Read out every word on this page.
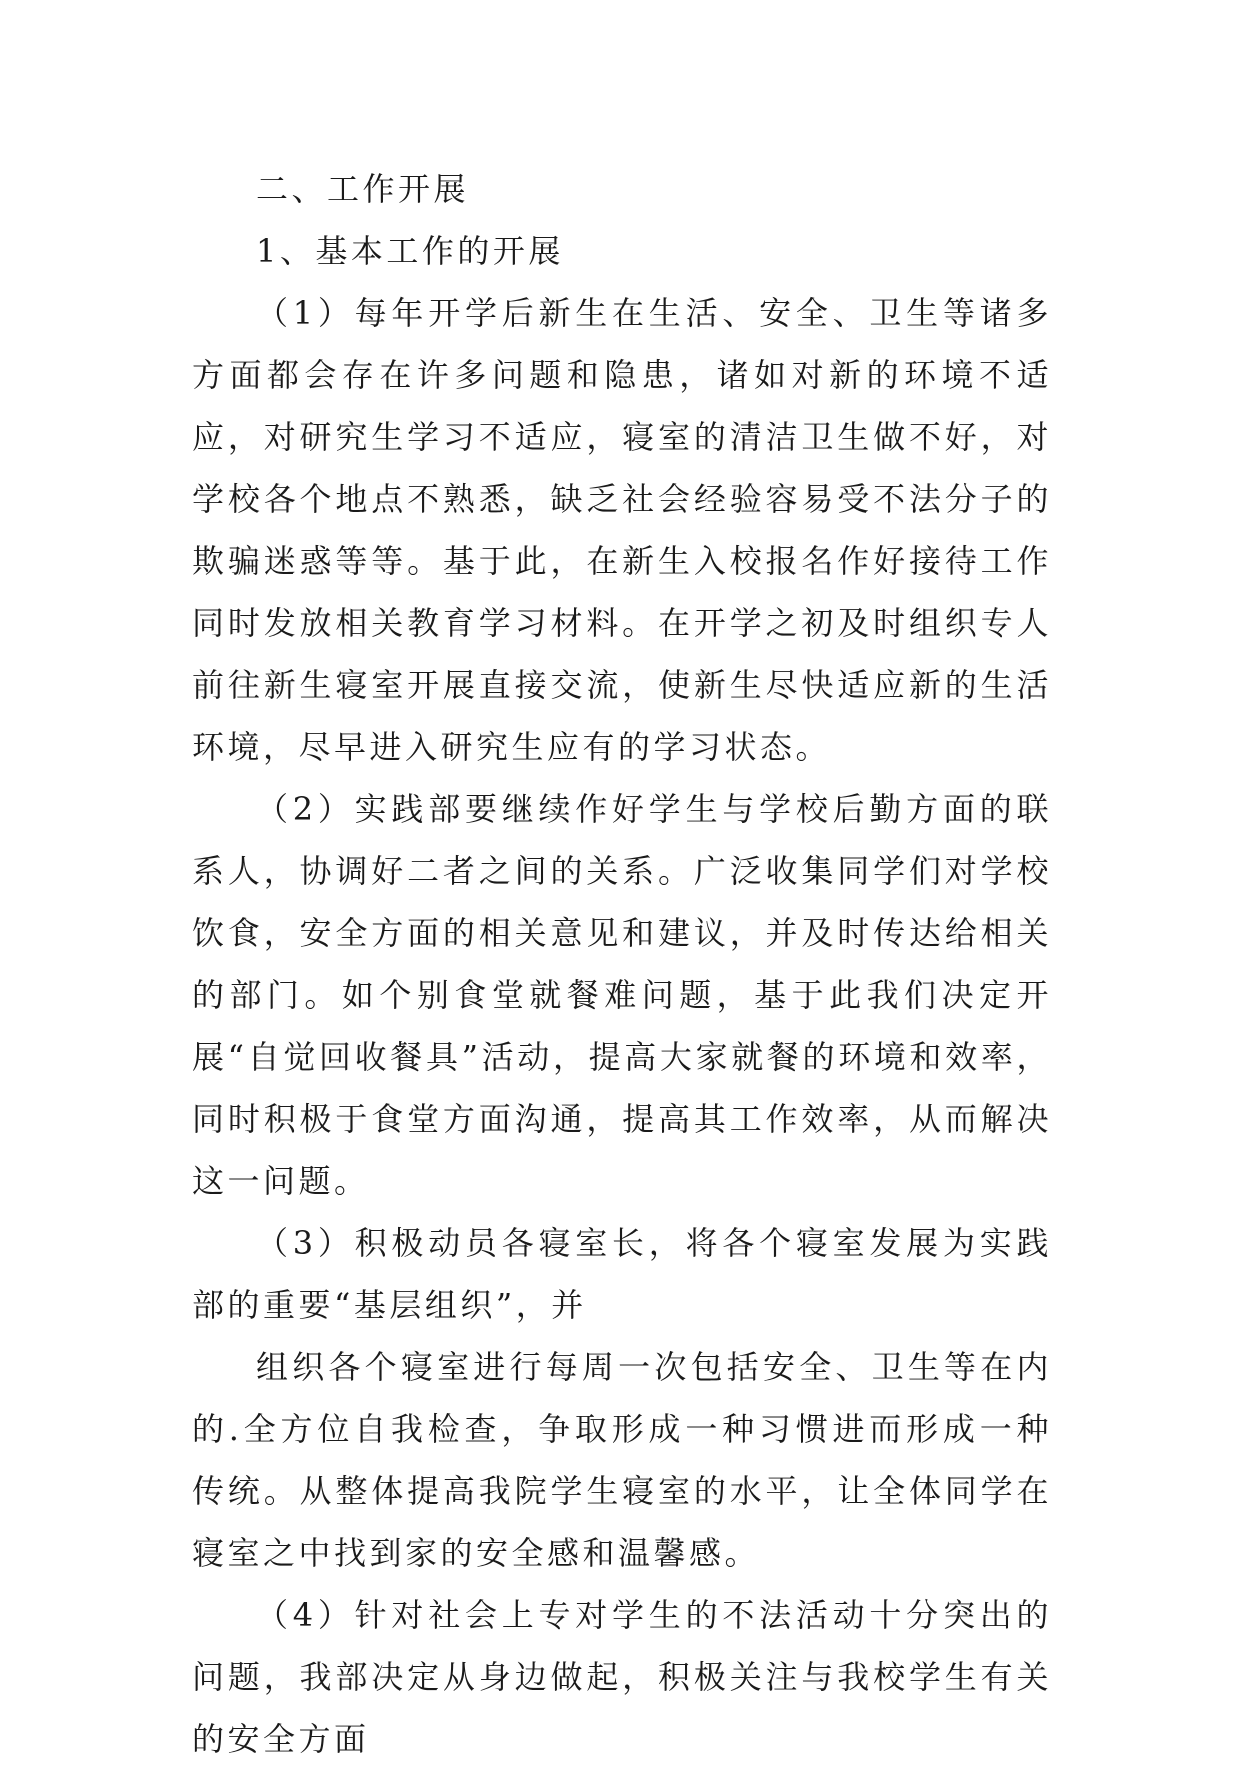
二、工作开展

1、基本工作的开展

（1）每年开学后新生在生活、安全、卫生等诸多方面都会存在许多问题和隐患，诸如对新的环境不适应，对研究生学习不适应，寝室的清洁卫生做不好，对学校各个地点不熟悉，缺乏社会经验容易受不法分子的欺骗迷惑等等。基于此，在新生入校报名作好接待工作同时发放相关教育学习材料。在开学之初及时组织专人前往新生寝室开展直接交流，使新生尽快适应新的生活环境，尽早进入研究生应有的学习状态。

（2）实践部要继续作好学生与学校后勤方面的联系人，协调好二者之间的关系。广泛收集同学们对学校饮食，安全方面的相关意见和建议，并及时传达给相关的部门。如个别食堂就餐难问题，基于此我们决定开展“自觉回收餐具”活动，提高大家就餐的环境和效率，同时积极于食堂方面沟通，提高其工作效率，从而解决这一问题。

（3）积极动员各寝室长，将各个寝室发展为实践部的重要“基层组织”，并

组织各个寝室进行每周一次包括安全、卫生等在内的.全方位自我检查，争取形成一种习惯进而形成一种传统。从整体提高我院学生寝室的水平，让全体同学在寝室之中找到家的安全感和温馨感。

（4）针对社会上专对学生的不法活动十分突出的问题，我部决定从身边做起，积极关注与我校学生有关的安全方面
